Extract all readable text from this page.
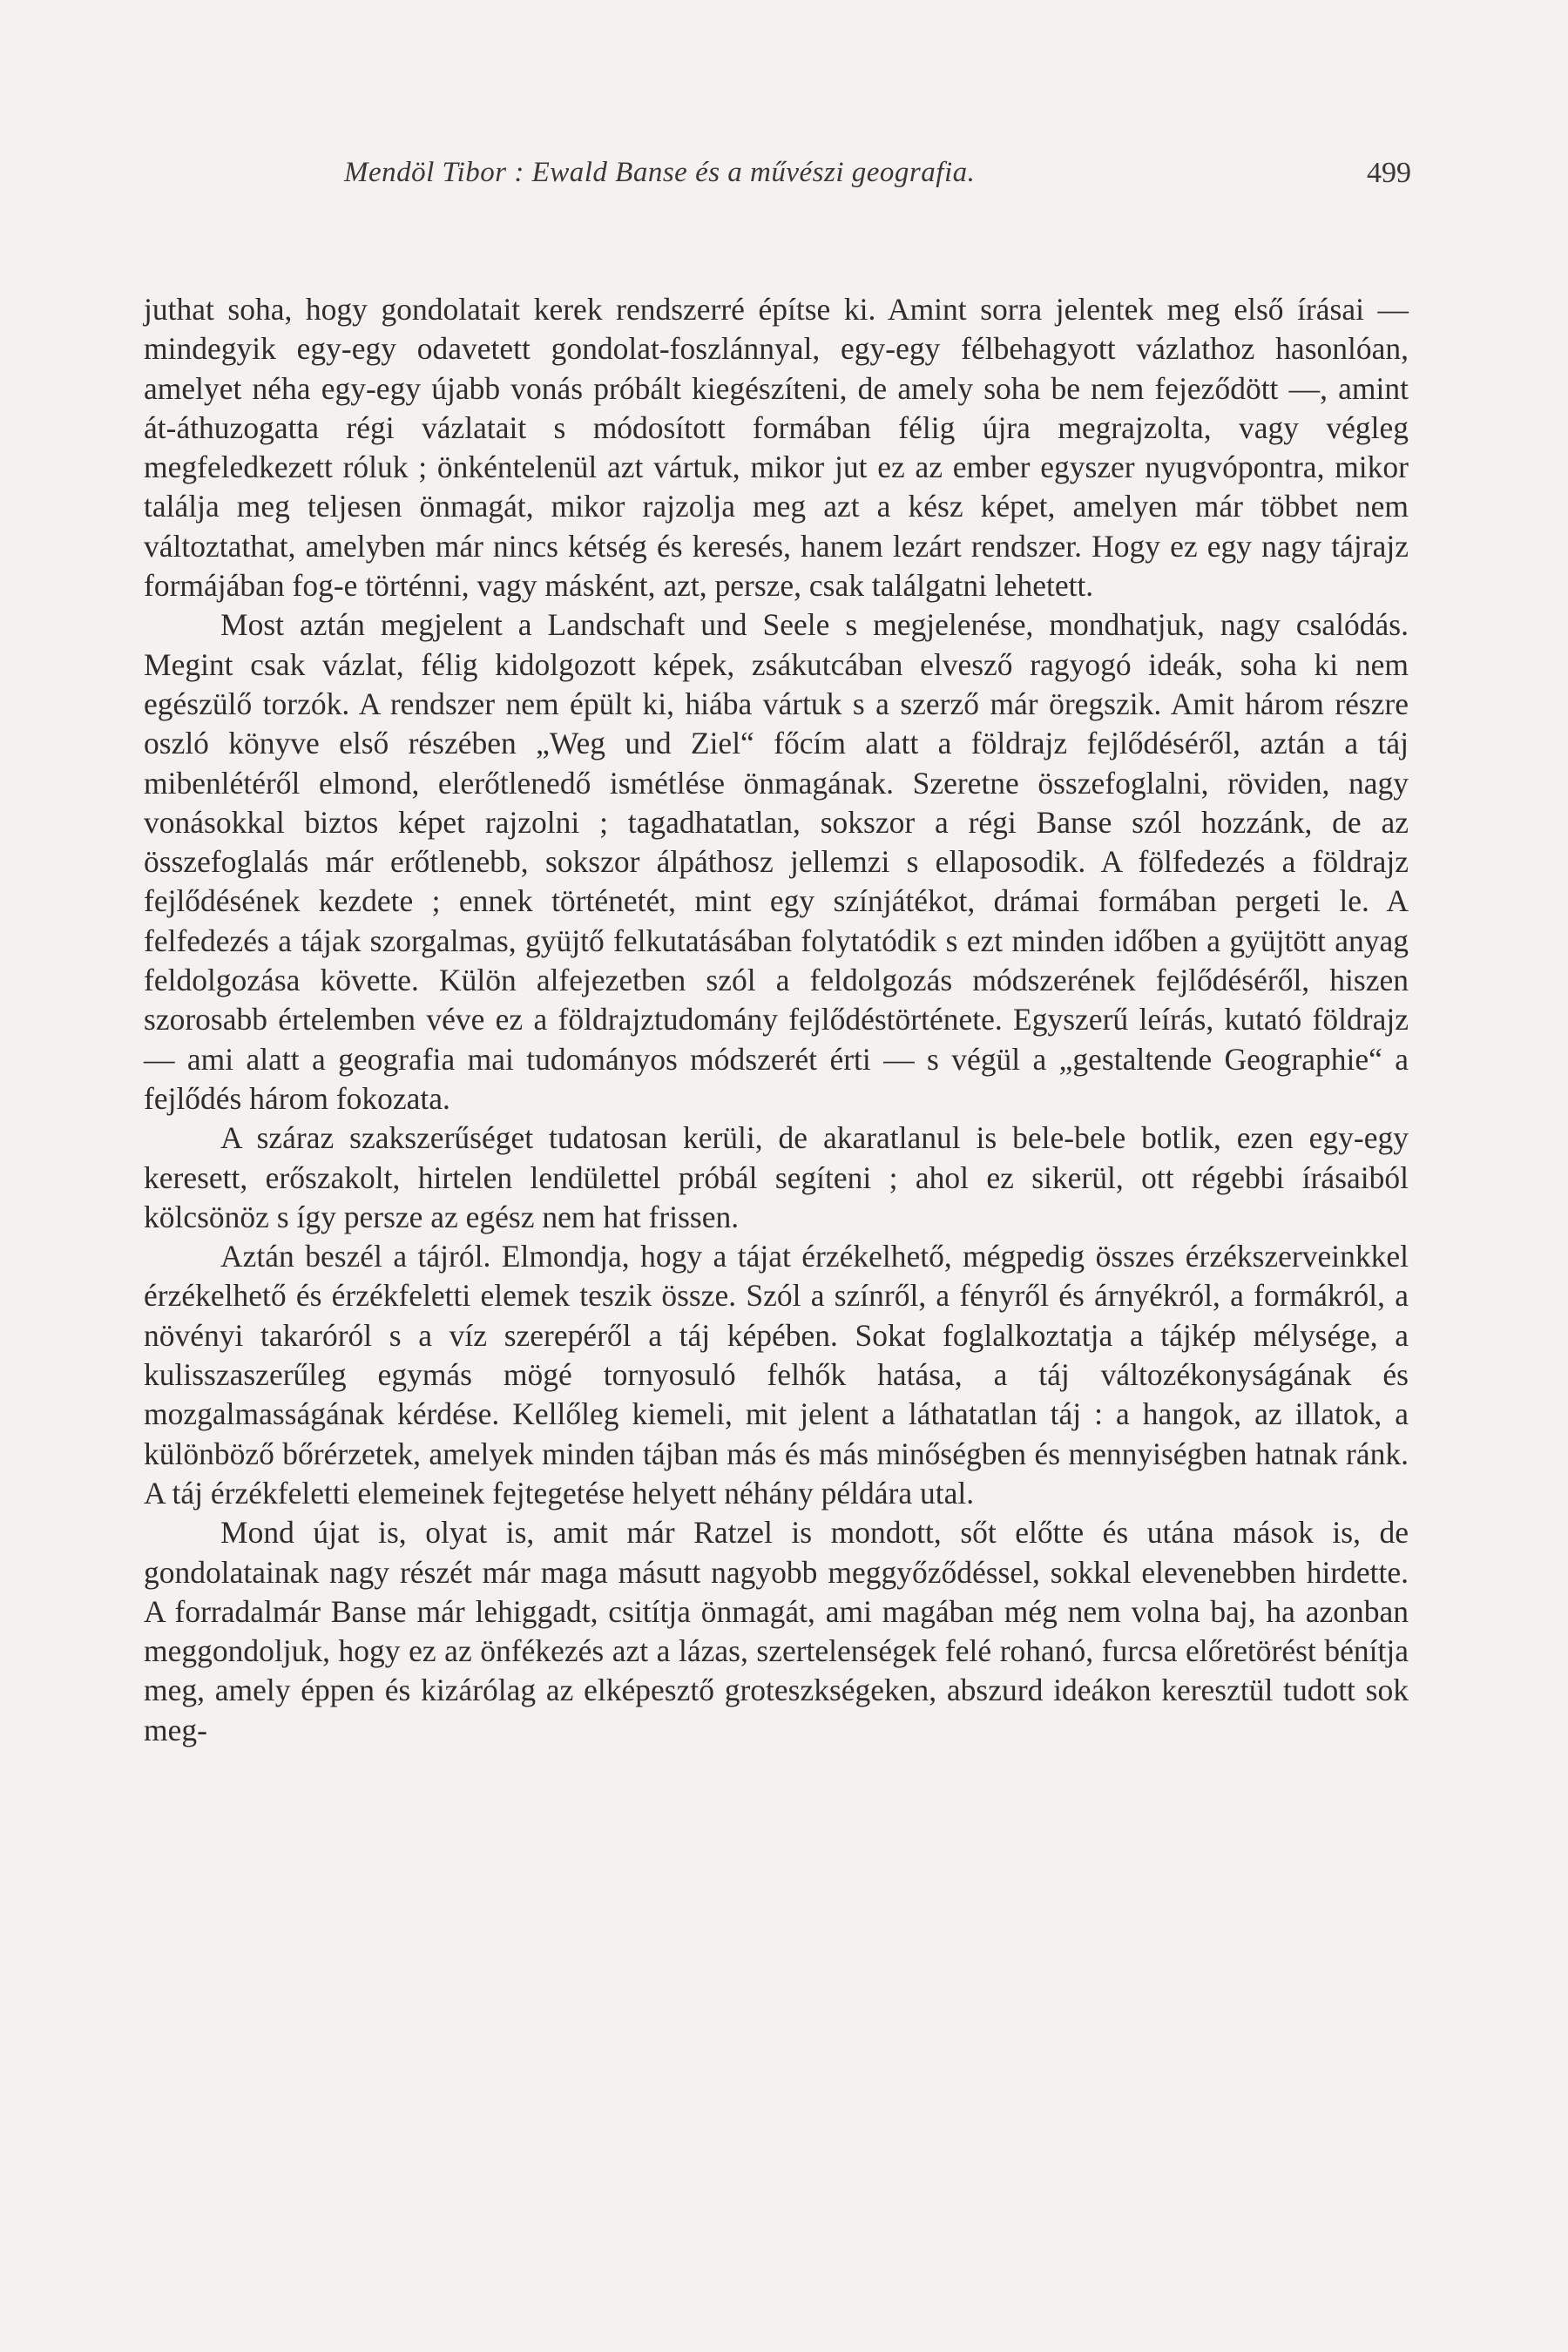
Mendöl Tibor : Ewald Banse és a művészi geografia.	499

juthat soha, hogy gondolatait kerek rendszerré építse ki. Amint sorra jelentek meg első írásai — mindegyik egy-egy odavetett gondolat-foszlánnyal, egy-egy félbehagyott vázlathoz hasonlóan, amelyet néha egy-egy újabb vonás próbált kiegészíteni, de amely soha be nem fejeződött —, amint át-áthuzogatta régi vázlatait s módosított formában félig újra megrajzolta, vagy végleg megfeledkezett róluk ; önkéntelenül azt vártuk, mikor jut ez az ember egyszer nyugvópontra, mikor találja meg teljesen önmagát, mikor rajzolja meg azt a kész képet, amelyen már többet nem változtathat, amelyben már nincs kétség és keresés, hanem lezárt rendszer. Hogy ez egy nagy tájrajz formájában fog-e történni, vagy másként, azt, persze, csak találgatni lehetett.

Most aztán megjelent a Landschaft und Seele s megjelenése, mondhatjuk, nagy csalódás. Megint csak vázlat, félig kidolgozott képek, zsákutcában elvesző ragyogó ideák, soha ki nem egészülő torzók. A rendszer nem épült ki, hiába vártuk s a szerző már öregszik. Amit három részre oszló könyve első részében „Weg und Ziel“ főcím alatt a földrajz fejlődéséről, aztán a táj mibenlétéről elmond, elerőtlenedő ismétlése önmagának. Szeretne összefoglalni, röviden, nagy vonásokkal biztos képet rajzolni ; tagadhatatlan, sokszor a régi Banse szól hozzánk, de az összefoglalás már erőtlenebb, sokszor álpáthosz jellemzi s ellaposodik. A fölfedezés a földrajz fejlődésének kezdete ; ennek történetét, mint egy színjátékot, drámai formában pergeti le. A felfedezés a tájak szorgalmas, gyüjtő felkutatásában folytatódik s ezt minden időben a gyüjtött anyag feldolgozása követte. Külön alfejezetben szól a feldolgozás módszerének fejlődéséről, hiszen szorosabb értelemben véve ez a földrajztudomány fejlődéstörténete. Egyszerű leírás, kutató földrajz — ami alatt a geografia mai tudományos módszerét érti — s végül a „gestaltende Geographie“ a fejlődés három fokozata.

A száraz szakszerűséget tudatosan kerüli, de akaratlanul is bele-bele botlik, ezen egy-egy keresett, erőszakolt, hirtelen lendülettel próbál segíteni ; ahol ez sikerül, ott régebbi írásaiból kölcsönöz s így persze az egész nem hat frissen.

Aztán beszél a tájról. Elmondja, hogy a tájat érzékelhető, mégpedig összes érzékszerveinkkel érzékelhető és érzékfeletti elemek teszik össze. Szól a színről, a fényről és árnyékról, a formákról, a növényi takaróról s a víz szerepéről a táj képében. Sokat foglalkoztatja a tájkép mélysége, a kulisszaszerűleg egymás mögé tornyosuló felhők hatása, a táj változékonyságának és mozgalmasságának kérdése. Kellőleg kiemeli, mit jelent a láthatatlan táj : a hangok, az illatok, a különböző bőrérzetek, amelyek minden tájban más és más minőségben és mennyiségben hatnak ránk. A táj érzékfeletti elemeinek fejtegetése helyett néhány példára utal.

Mond újat is, olyat is, amit már Ratzel is mondott, sőt előtte és utána mások is, de gondolatainak nagy részét már maga másutt nagyobb meggyőződéssel, sokkal elevenebben hirdette. A forradalmár Banse már lehiggadt, csitítja önmagát, ami magában még nem volna baj, ha azonban meggondoljuk, hogy ez az önfékezés azt a lázas, szertelenségek felé rohanó, furcsa előretörést bénítja meg, amely éppen és kizárólag az elképesztő groteszkségeken, abszurd ideákon keresztül tudott sok meg-
